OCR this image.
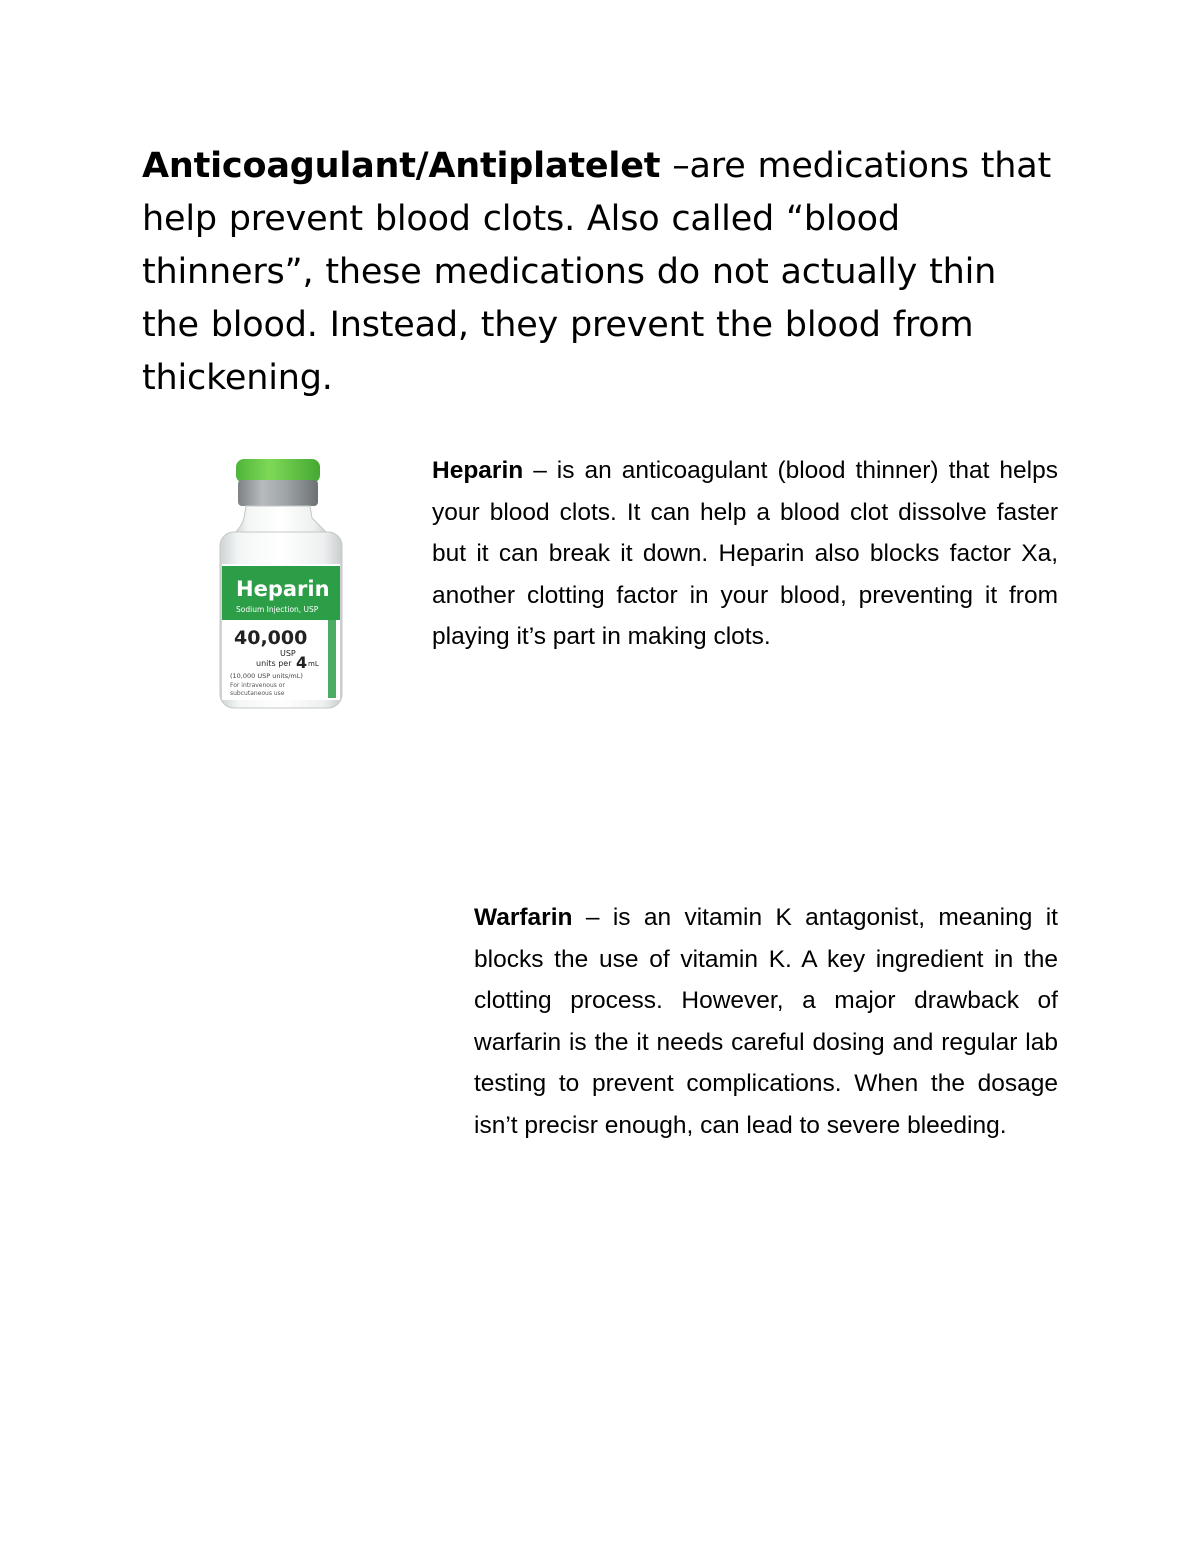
Anticoagulant/Antiplatelet –are medications that help prevent blood clots. Also called “blood thinners”, these medications do not actually thin the blood. Instead, they prevent the blood from thickening.

Heparin
Sodium Injection, USP
40,000
USP
units per 4 mL
(10,000 USP units/mL)
For intravenous or
subcutaneous use

Heparin – is an anticoagulant (blood thinner) that helps your blood clots. It can help a blood clot dissolve faster but it can break it down. Heparin also blocks factor Xa, another clotting factor in your blood, preventing it from playing it’s part in making clots.

Warfarin – is an vitamin K antagonist, meaning it blocks the use of vitamin K. A key ingredient in the clotting process. However, a major drawback of warfarin is the it needs careful dosing and regular lab testing to prevent complications. When the dosage isn’t precisr enough, can lead to severe bleeding.
